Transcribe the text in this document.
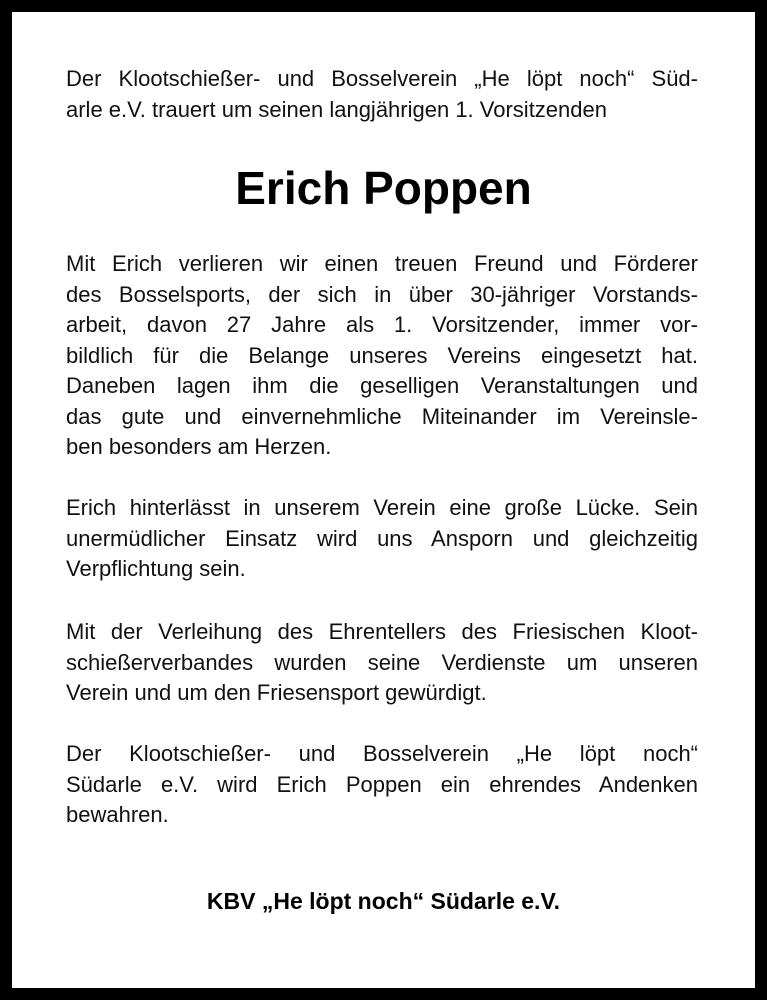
Der Klootschießer- und Bosselverein „He löpt noch“ Süd-
arle e.V. trauert um seinen langjährigen 1. Vorsitzenden

Erich Poppen

Mit Erich verlieren wir einen treuen Freund und Förderer
des Bosselsports, der sich in über 30-jähriger Vorstands-
arbeit, davon 27 Jahre als 1. Vorsitzender, immer vor-
bildlich für die Belange unseres Vereins eingesetzt hat.
Daneben lagen ihm die geselligen Veranstaltungen und
das gute und einvernehmliche Miteinander im Vereinsle-
ben besonders am Herzen.

Erich hinterlässt in unserem Verein eine große Lücke. Sein
unermüdlicher Einsatz wird uns Ansporn und gleichzeitig
Verpflichtung sein.

Mit der Verleihung des Ehrentellers des Friesischen Kloot-
schießerverbandes wurden seine Verdienste um unseren
Verein und um den Friesensport gewürdigt.

Der Klootschießer- und Bosselverein „He löpt noch“
Südarle e.V. wird Erich Poppen ein ehrendes Andenken
bewahren.

KBV „He löpt noch“ Südarle e.V.
